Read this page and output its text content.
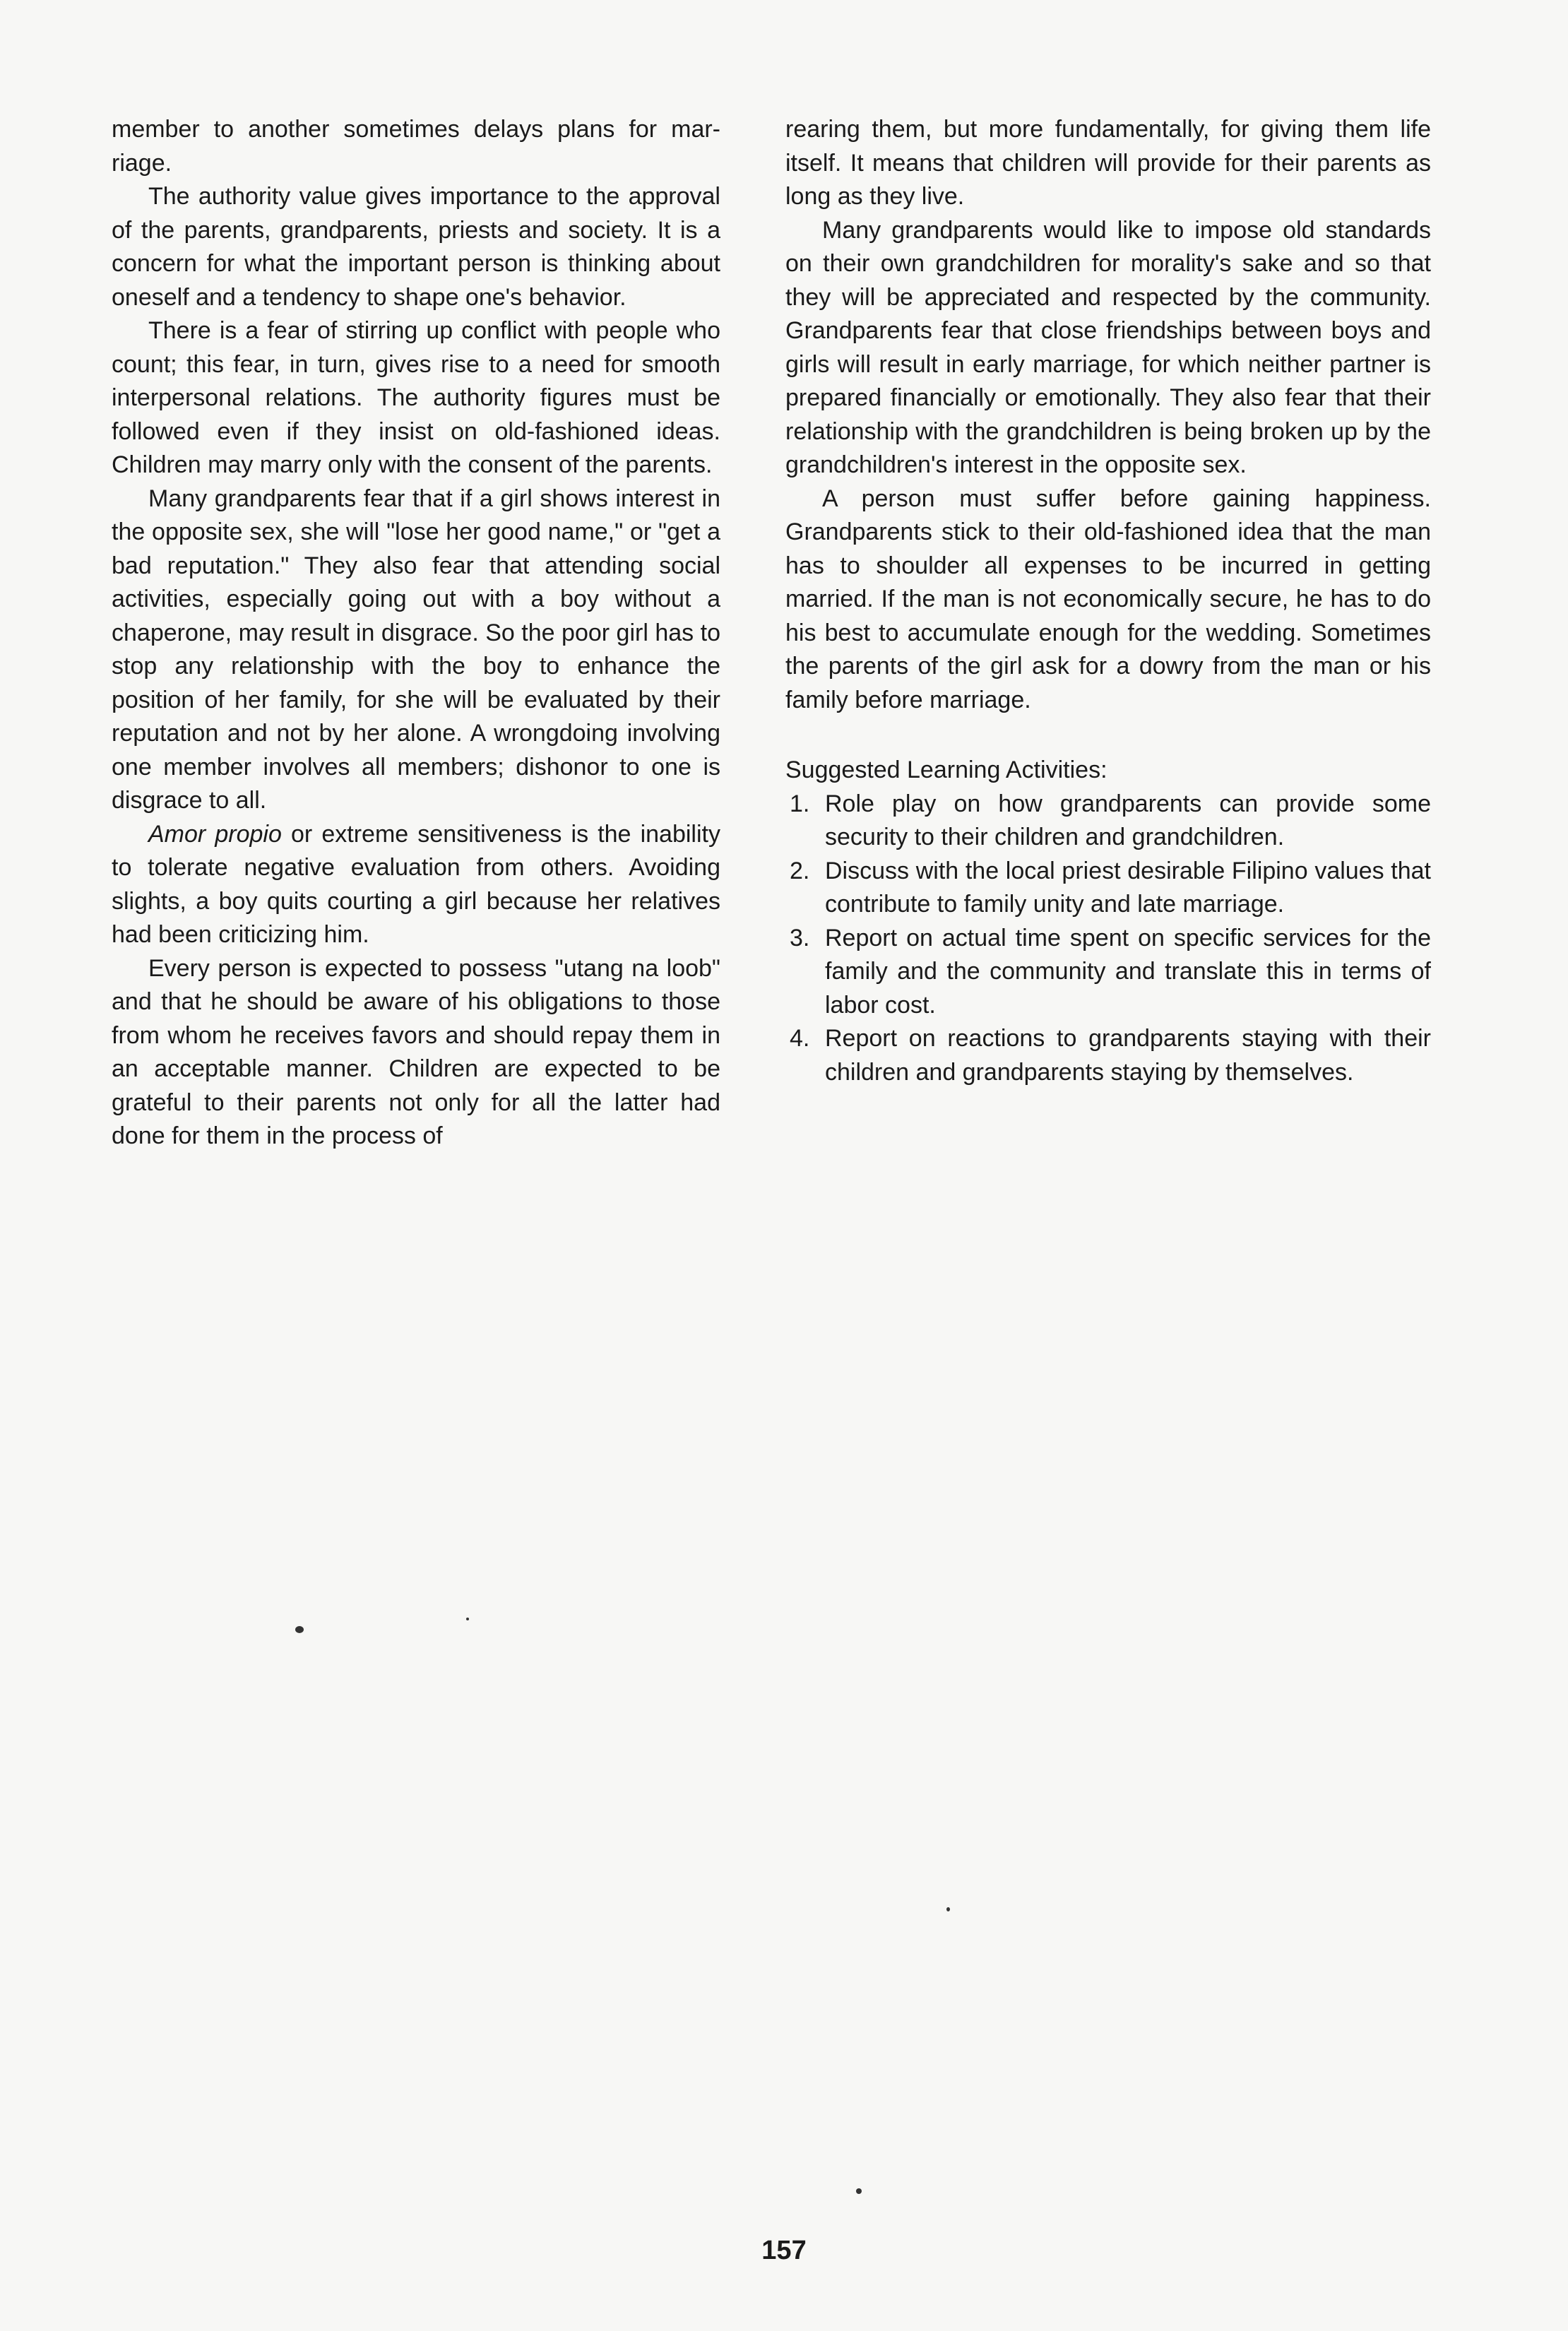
member to another sometimes delays plans for mar-riage.

The authority value gives importance to the approval of the parents, grandparents, priests and society. It is a concern for what the important person is thinking about oneself and a tendency to shape one's behavior.

There is a fear of stirring up conflict with people who count; this fear, in turn, gives rise to a need for smooth interpersonal relations. The authority figures must be followed even if they insist on old-fashioned ideas. Children may marry only with the consent of the parents.

Many grandparents fear that if a girl shows interest in the opposite sex, she will "lose her good name," or "get a bad reputation." They also fear that attending social activities, especially going out with a boy without a chaperone, may result in disgrace. So the poor girl has to stop any relationship with the boy to enhance the position of her family, for she will be evaluated by their reputation and not by her alone. A wrongdoing involving one member involves all members; dishonor to one is disgrace to all.

Amor propio or extreme sensitiveness is the inability to tolerate negative evaluation from others. Avoiding slights, a boy quits courting a girl because her relatives had been criticizing him.

Every person is expected to possess "utang na loob" and that he should be aware of his obligations to those from whom he receives favors and should repay them in an acceptable manner. Children are expected to be grateful to their parents not only for all the latter had done for them in the process of

rearing them, but more fundamentally, for giving them life itself. It means that children will provide for their parents as long as they live.

Many grandparents would like to impose old standards on their own grandchildren for morality's sake and so that they will be appreciated and respected by the community. Grandparents fear that close friendships between boys and girls will result in early marriage, for which neither partner is prepared financially or emotionally. They also fear that their relationship with the grandchildren is being broken up by the grandchildren's interest in the opposite sex.

A person must suffer before gaining happiness. Grandparents stick to their old-fashioned idea that the man has to shoulder all expenses to be incurred in getting married. If the man is not economically secure, he has to do his best to accumulate enough for the wedding. Sometimes the parents of the girl ask for a dowry from the man or his family before marriage.

Suggested Learning Activities:

1. Role play on how grandparents can provide some security to their children and grandchildren.
2. Discuss with the local priest desirable Filipino values that contribute to family unity and late marriage.
3. Report on actual time spent on specific services for the family and the community and translate this in terms of labor cost.
4. Report on reactions to grandparents staying with their children and grandparents staying by themselves.
157
